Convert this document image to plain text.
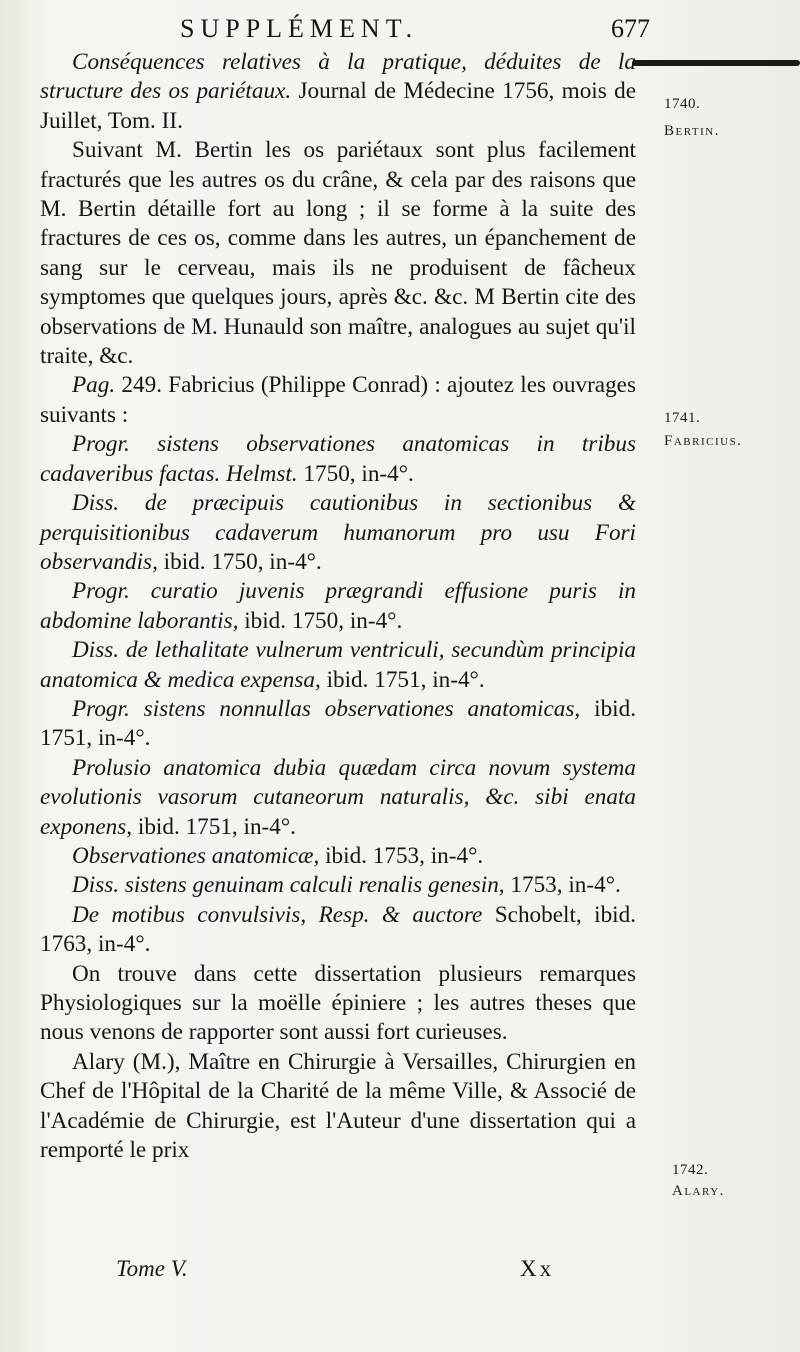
SUPPLÉMENT.	677
1740.
Bertin.
1741.
Fabricius.
1742.
Alary.

Conséquences relatives à la pratique, déduites de la structure des os pariétaux. Journal de Médecine 1756, mois de Juillet, Tom. II.

Suivant M. Bertin les os pariétaux sont plus facilement fracturés que les autres os du crâne, & cela par des raisons que M. Bertin détaille fort au long ; il se forme à la suite des fractures de ces os, comme dans les autres, un épanchement de sang sur le cerveau, mais ils ne produisent de fâcheux symptomes que quelques jours, après &c. &c. M Bertin cite des observations de M. Hunauld son maître, analogues au sujet qu'il traite, &c.

Pag. 249. Fabricius (Philippe Conrad) : ajoutez les ouvrages suivants :

Progr. sistens observationes anatomicas in tribus cadaveribus factas. Helmst. 1750, in-4°.

Diss. de præcipuis cautionibus in sectionibus & perquisitionibus cadaverum humanorum pro usu Fori observandis, ibid. 1750, in-4°.

Progr. curatio juvenis prægrandi effusione puris in abdomine laborantis, ibid. 1750, in-4°.

Diss. de lethalitate vulnerum ventriculi, secundùm principia anatomica & medica expensa, ibid. 1751, in-4°.

Progr. sistens nonnullas observationes anatomicas, ibid. 1751, in-4°.

Prolusio anatomica dubia quædam circa novum systema evolutionis vasorum cutaneorum naturalis, &c. sibi enata exponens, ibid. 1751, in-4°.

Observationes anatomicæ, ibid. 1753, in-4°.

Diss. sistens genuinam calculi renalis genesin, 1753, in-4°.

De motibus convulsivis, Resp. & auctore Schobelt, ibid. 1763, in-4°.

On trouve dans cette dissertation plusieurs remarques Physiologiques sur la moëlle épiniere ; les autres theses que nous venons de rapporter sont aussi fort curieuses.

Alary (M.), Maître en Chirurgie à Versailles, Chirurgien en Chef de l'Hôpital de la Charité de la même Ville, & Associé de l'Académie de Chirurgie, est l'Auteur d'une dissertation qui a remporté le prix

Tome V.	Xx
